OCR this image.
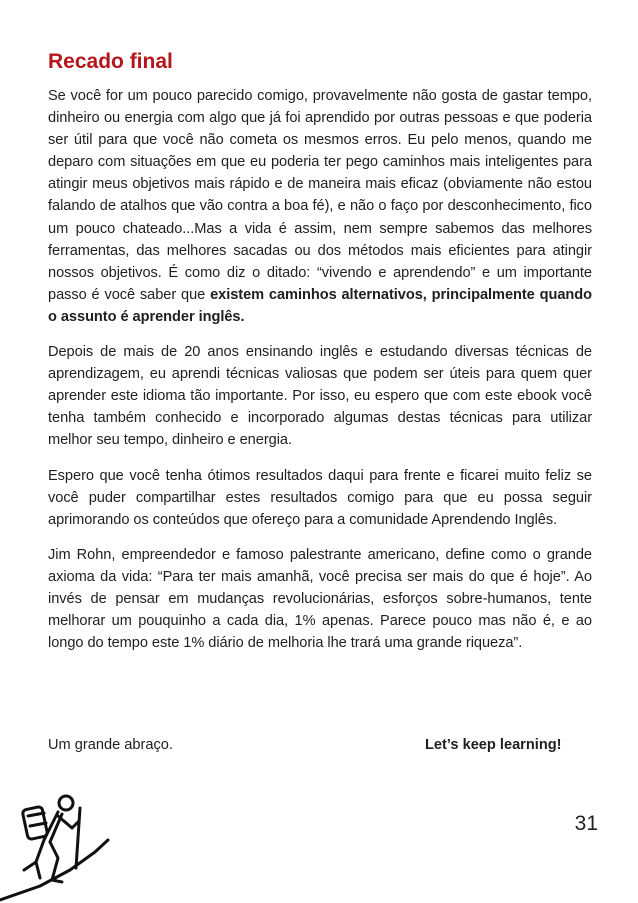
Recado final

Se você for um pouco parecido comigo, provavelmente não gosta de gastar tempo, dinheiro ou energia com algo que já foi aprendido por outras pessoas e que poderia ser útil para que você não cometa os mesmos erros. Eu pelo menos, quando me deparo com situações em que eu poderia ter pego caminhos mais inteligentes para atingir meus objetivos mais rápido e de maneira mais eficaz (obviamente não estou falando de atalhos que vão contra a boa fé), e não o faço por desconhecimento, fico um pouco chateado...Mas a vida é assim, nem sempre sabemos das melhores ferramentas, das melhores sacadas ou dos métodos mais eficientes para atingir nossos objetivos. É como diz o ditado: “vivendo e aprendendo” e um importante passo é você saber que existem caminhos alternativos, principalmente quando o assunto é aprender inglês.

Depois de mais de 20 anos ensinando inglês e estudando diversas técnicas de aprendizagem, eu aprendi técnicas valiosas que podem ser úteis para quem quer aprender este idioma tão importante. Por isso, eu espero que com este ebook você tenha também conhecido e incorporado algumas destas técnicas para utilizar melhor seu tempo, dinheiro e energia.

Espero que você tenha ótimos resultados daqui para frente e ficarei muito feliz se você puder compartilhar estes resultados comigo para que eu possa seguir aprimorando os conteúdos que ofereço para a comunidade Aprendendo Inglês.

Jim Rohn, empreendedor e famoso palestrante americano, define como o grande axioma da vida: “Para ter mais amanhã, você precisa ser mais do que é hoje”. Ao invés de pensar em mudanças revolucionárias, esforços sobre-humanos, tente melhorar um pouquinho a cada dia, 1% apenas. Parece pouco mas não é, e ao longo do tempo este 1% diário de melhoria lhe trará uma grande riqueza”.

Um grande abraço.	Let’s keep learning!
31
